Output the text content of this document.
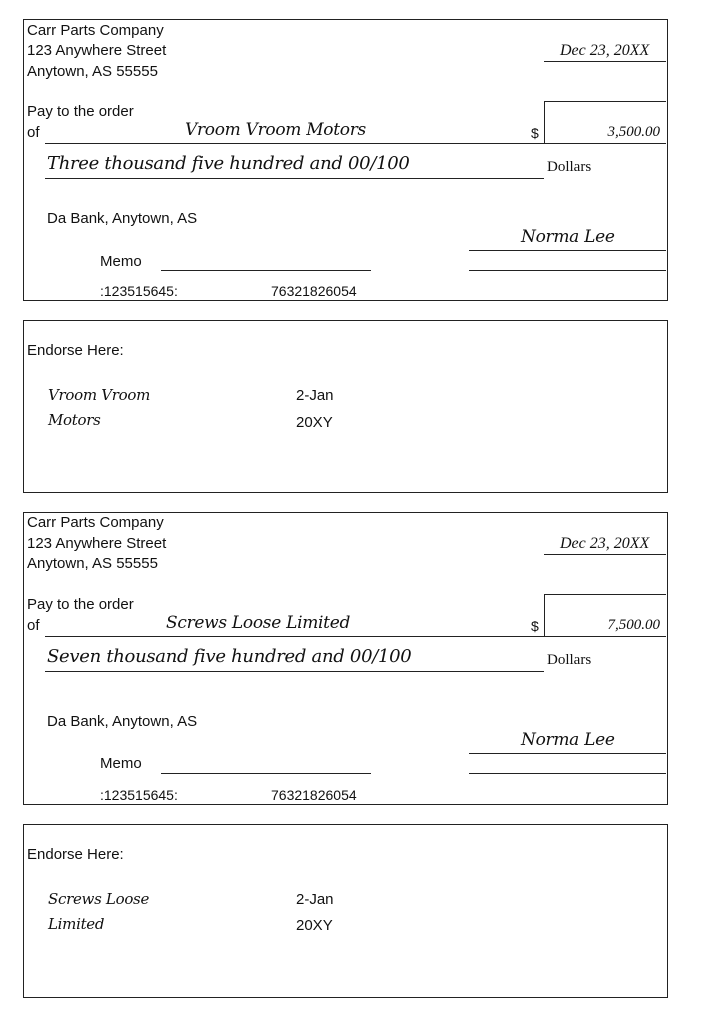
Carr Parts Company
123 Anywhere Street
Anytown, AS 55555
Dec 23, 20XX
Pay to the order
of	Vroom Vroom Motors	$	3,500.00
Three thousand five hundred and 00/100	Dollars
Da Bank, Anytown, AS
Norma Lee
Memo
:123515645:	76321826054
Endorse Here:
Vroom Vroom
Motors
2-Jan
20XY
Carr Parts Company
123 Anywhere Street
Anytown, AS 55555
Dec 23, 20XX
Pay to the order
of	Screws Loose Limited	$	7,500.00
Seven thousand five hundred and 00/100	Dollars
Da Bank, Anytown, AS
Norma Lee
Memo
:123515645:	76321826054
Endorse Here:
Screws Loose
Limited
2-Jan
20XY
